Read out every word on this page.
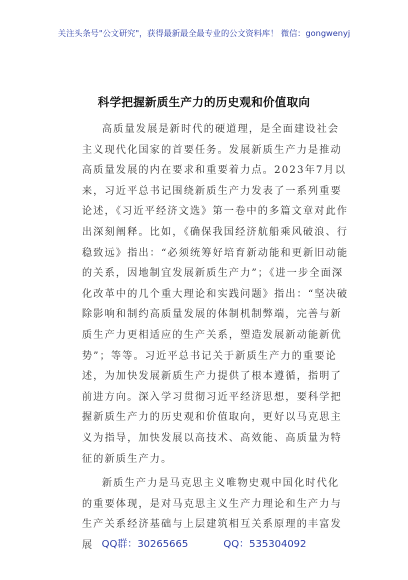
关注头条号"公文研究"，获得最新最全最专业的公文资料库！ 微信：gongwenyj
科学把握新质生产力的历史观和价值取向

高质量发展是新时代的硬道理，是全面建设社会主义现代化国家的首要任务。发展新质生产力是推动高质量发展的内在要求和重要着力点。2023年7月以来，习近平总书记围绕新质生产力发表了一系列重要论述，《习近平经济文选》第一卷中的多篇文章对此作出深刻阐释。比如，《确保我国经济航船乘风破浪、行稳致远》指出：“必须统筹好培育新动能和更新旧动能的关系，因地制宜发展新质生产力”；《进一步全面深化改革中的几个重大理论和实践问题》指出：“坚决破除影响和制约高质量发展的体制机制弊端，完善与新质生产力更相适应的生产关系，塑造发展新动能新优势”；等等。习近平总书记关于新质生产力的重要论述，为加快发展新质生产力提供了根本遵循，指明了前进方向。深入学习贯彻习近平经济思想，要科学把握新质生产力的历史观和价值取向，更好以马克思主义为指导，加快发展以高技术、高效能、高质量为特征的新质生产力。

新质生产力是马克思主义唯物史观中国化时代化的重要体现，是对马克思主义生产力理论和生产力与生产关系经济基础与上层建筑相互关系原理的丰富发展 QQ群：30265665	QQ：535304092
